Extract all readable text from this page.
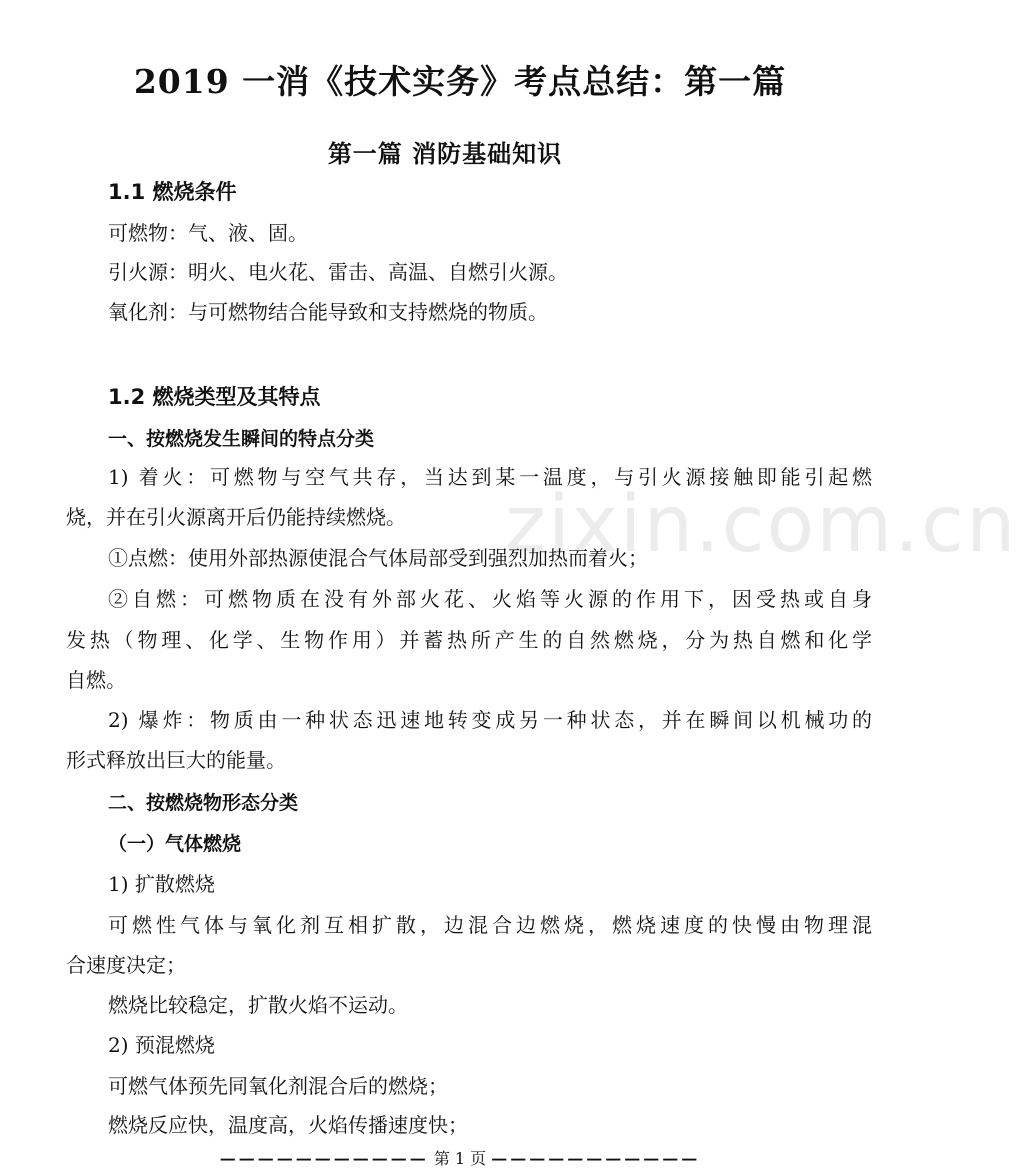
zixin.com.cn
2019 一消《技术实务》考点总结：第一篇
第一篇 消防基础知识
1.1 燃烧条件
可燃物：气、液、固。
引火源：明火、电火花、雷击、高温、自燃引火源。
氧化剂：与可燃物结合能导致和支持燃烧的物质。
1.2 燃烧类型及其特点
一、按燃烧发生瞬间的特点分类
1) 着火：可燃物与空气共存，当达到某一温度，与引火源接触即能引起燃
烧，并在引火源离开后仍能持续燃烧。
①点燃：使用外部热源使混合气体局部受到强烈加热而着火；
②自燃：可燃物质在没有外部火花、火焰等火源的作用下，因受热或自身
发热（物理、化学、生物作用）并蓄热所产生的自然燃烧，分为热自燃和化学
自燃。
2) 爆炸：物质由一种状态迅速地转变成另一种状态，并在瞬间以机械功的
形式释放出巨大的能量。
二、按燃烧物形态分类
（一）气体燃烧
1) 扩散燃烧
可燃性气体与氧化剂互相扩散，边混合边燃烧，燃烧速度的快慢由物理混
合速度决定；
燃烧比较稳定，扩散火焰不运动。
2) 预混燃烧
可燃气体预先同氧化剂混合后的燃烧；
燃烧反应快，温度高，火焰传播速度快；
——————————— 第 1 页 ———————————
